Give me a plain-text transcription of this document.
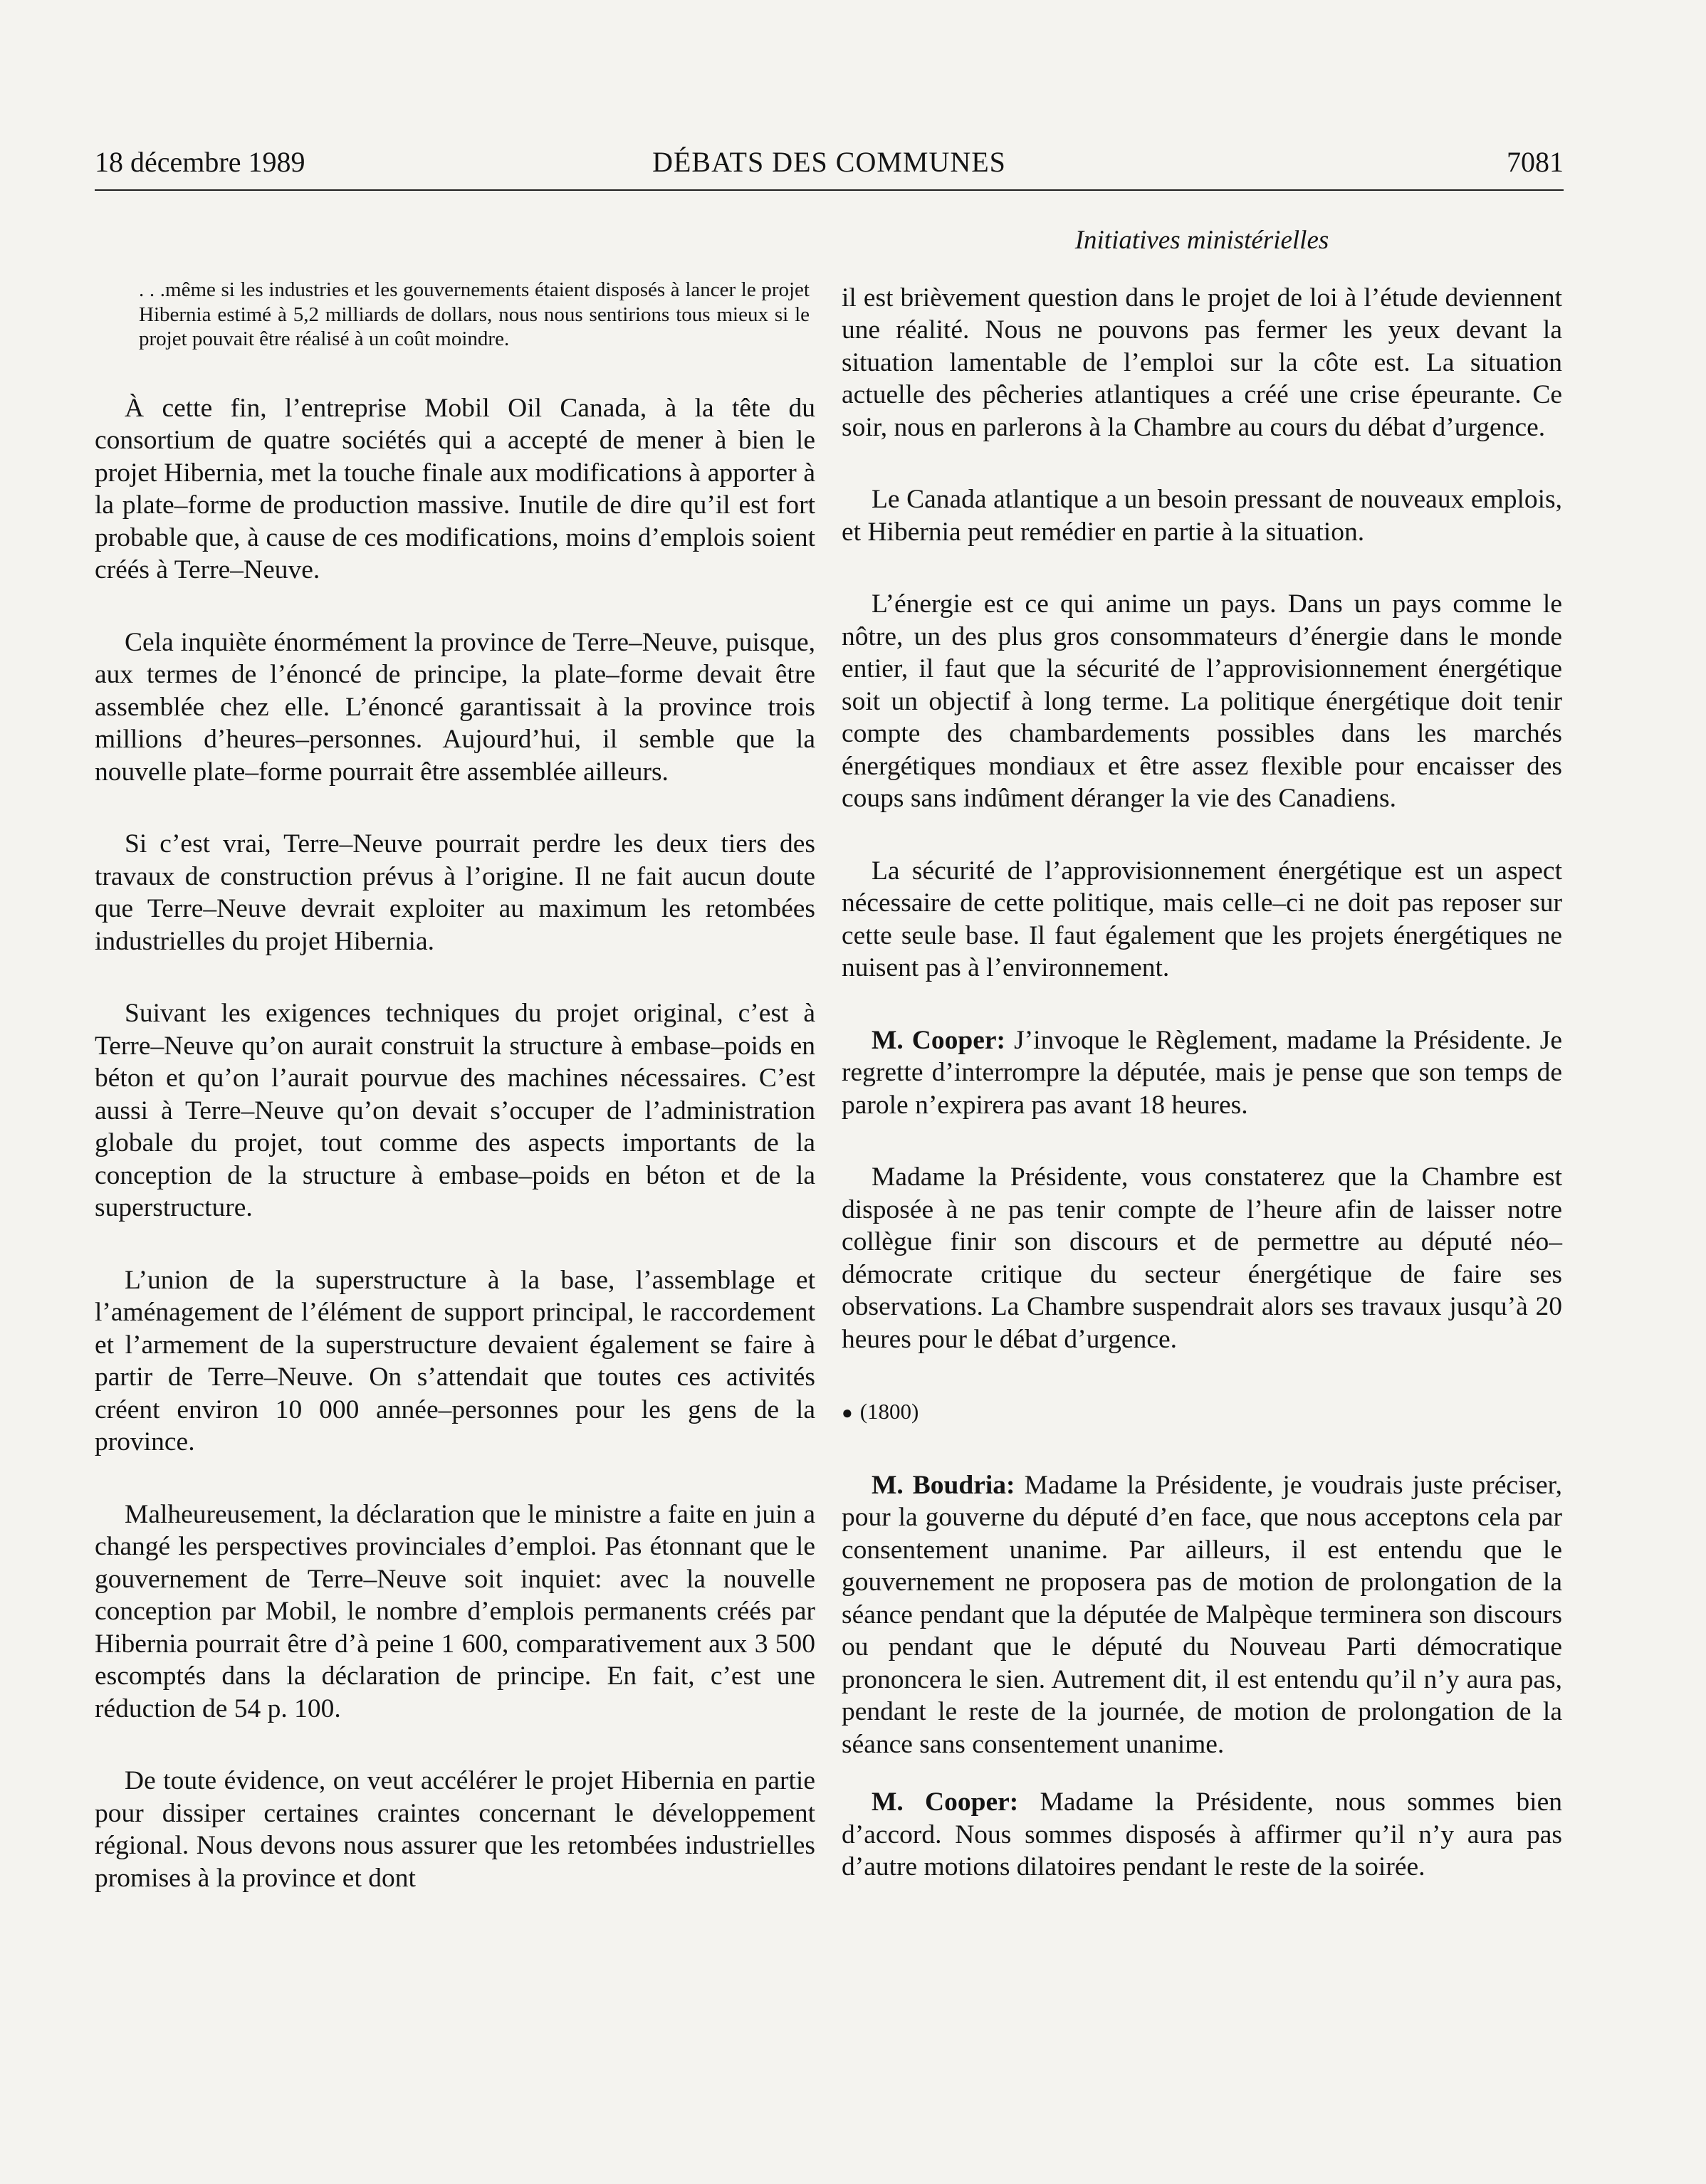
18 décembre 1989	DÉBATS DES COMMUNES	7081
. . .même si les industries et les gouvernements étaient disposés à lancer le projet Hibernia estimé à 5,2 milliards de dollars, nous nous sentirions tous mieux si le projet pouvait être réalisé à un coût moindre.

À cette fin, l’entreprise Mobil Oil Canada, à la tête du consortium de quatre sociétés qui a accepté de mener à bien le projet Hibernia, met la touche finale aux modifications à apporter à la plate–forme de production massive. Inutile de dire qu’il est fort probable que, à cause de ces modifications, moins d’emplois soient créés à Terre–Neuve.

Cela inquiète énormément la province de Terre–Neuve, puisque, aux termes de l’énoncé de principe, la plate–forme devait être assemblée chez elle. L’énoncé garantissait à la province trois millions d’heures–personnes. Aujourd’hui, il semble que la nouvelle plate–forme pourrait être assemblée ailleurs.

Si c’est vrai, Terre–Neuve pourrait perdre les deux tiers des travaux de construction prévus à l’origine. Il ne fait aucun doute que Terre–Neuve devrait exploiter au maximum les retombées industrielles du projet Hibernia.

Suivant les exigences techniques du projet original, c’est à Terre–Neuve qu’on aurait construit la structure à embase–poids en béton et qu’on l’aurait pourvue des machines nécessaires. C’est aussi à Terre–Neuve qu’on devait s’occuper de l’administration globale du projet, tout comme des aspects importants de la conception de la structure à embase–poids en béton et de la superstructure.

L’union de la superstructure à la base, l’assemblage et l’aménagement de l’élément de support principal, le raccordement et l’armement de la superstructure devaient également se faire à partir de Terre–Neuve. On s’attendait que toutes ces activités créent environ 10 000 année–personnes pour les gens de la province.

Malheureusement, la déclaration que le ministre a faite en juin a changé les perspectives provinciales d’emploi. Pas étonnant que le gouvernement de Terre–Neuve soit inquiet: avec la nouvelle conception par Mobil, le nombre d’emplois permanents créés par Hibernia pourrait être d’à peine 1 600, comparativement aux 3 500 escomptés dans la déclaration de principe. En fait, c’est une réduction de 54 p. 100.

De toute évidence, on veut accélérer le projet Hibernia en partie pour dissiper certaines craintes concernant le développement régional. Nous devons nous assurer que les retombées industrielles promises à la province et dont

Initiatives ministérielles

il est brièvement question dans le projet de loi à l’étude deviennent une réalité. Nous ne pouvons pas fermer les yeux devant la situation lamentable de l’emploi sur la côte est. La situation actuelle des pêcheries atlantiques a créé une crise épeurante. Ce soir, nous en parlerons à la Chambre au cours du débat d’urgence.

Le Canada atlantique a un besoin pressant de nouveaux emplois, et Hibernia peut remédier en partie à la situation.

L’énergie est ce qui anime un pays. Dans un pays comme le nôtre, un des plus gros consommateurs d’énergie dans le monde entier, il faut que la sécurité de l’approvisionnement énergétique soit un objectif à long terme. La politique énergétique doit tenir compte des chambardements possibles dans les marchés énergétiques mondiaux et être assez flexible pour encaisser des coups sans indûment déranger la vie des Canadiens.

La sécurité de l’approvisionnement énergétique est un aspect nécessaire de cette politique, mais celle–ci ne doit pas reposer sur cette seule base. Il faut également que les projets énergétiques ne nuisent pas à l’environnement.

M. Cooper: J’invoque le Règlement, madame la Présidente. Je regrette d’interrompre la députée, mais je pense que son temps de parole n’expirera pas avant 18 heures.

Madame la Présidente, vous constaterez que la Chambre est disposée à ne pas tenir compte de l’heure afin de laisser notre collègue finir son discours et de permettre au député néo–démocrate critique du secteur énergétique de faire ses observations. La Chambre suspendrait alors ses travaux jusqu’à 20 heures pour le débat d’urgence.

● (1800)

M. Boudria: Madame la Présidente, je voudrais juste préciser, pour la gouverne du député d’en face, que nous acceptons cela par consentement unanime. Par ailleurs, il est entendu que le gouvernement ne proposera pas de motion de prolongation de la séance pendant que la députée de Malpèque terminera son discours ou pendant que le député du Nouveau Parti démocratique prononcera le sien. Autrement dit, il est entendu qu’il n’y aura pas, pendant le reste de la journée, de motion de prolongation de la séance sans consentement unanime.

M. Cooper: Madame la Présidente, nous sommes bien d’accord. Nous sommes disposés à affirmer qu’il n’y aura pas d’autre motions dilatoires pendant le reste de la soirée.
